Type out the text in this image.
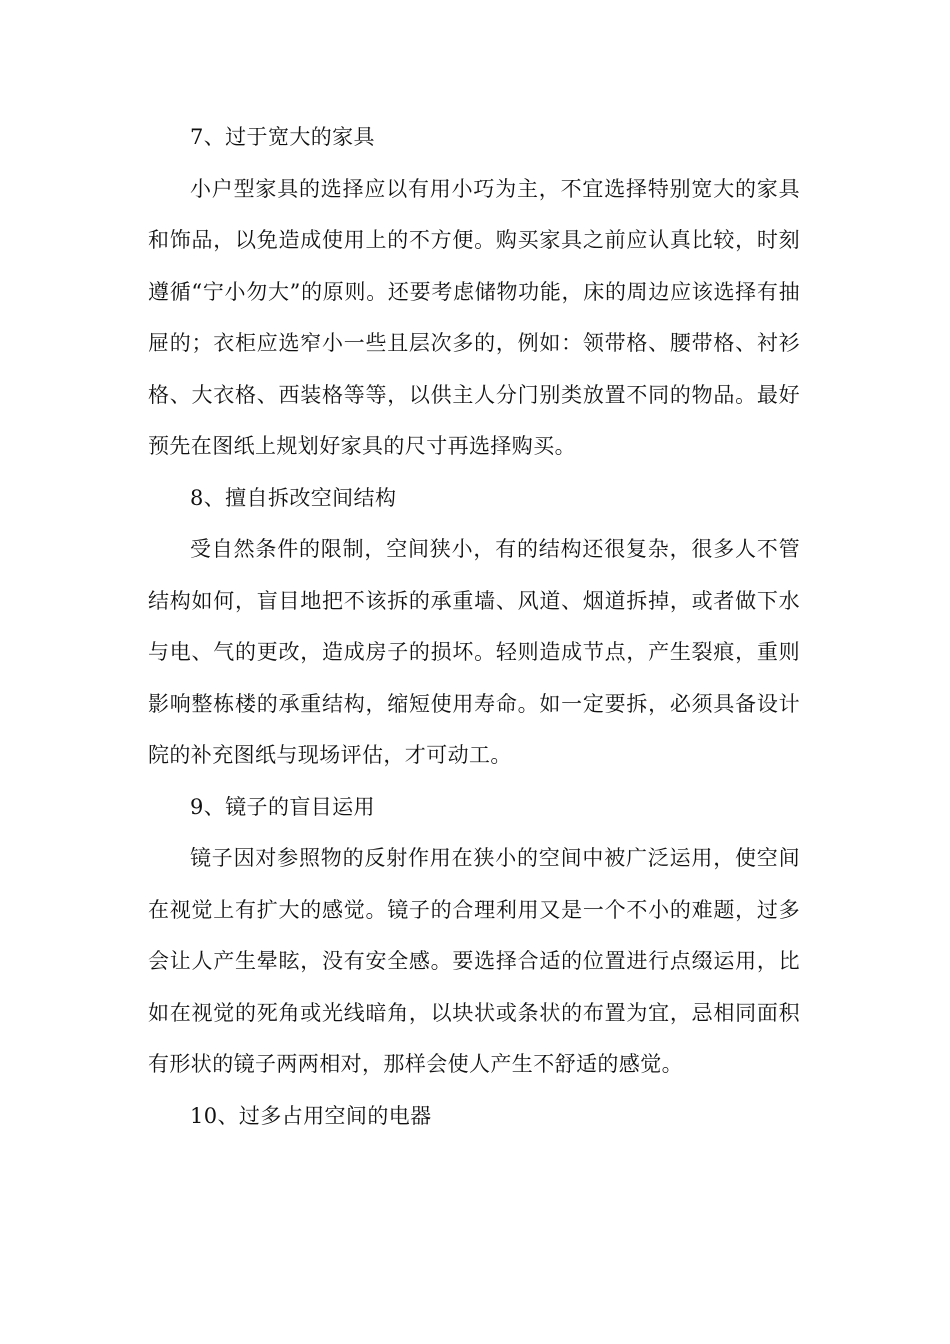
7、过于宽大的家具

小户型家具的选择应以有用小巧为主，不宜选择特别宽大的家具和饰品，以免造成使用上的不方便。购买家具之前应认真比较，时刻遵循“宁小勿大”的原则。还要考虑储物功能，床的周边应该选择有抽屉的；衣柜应选窄小一些且层次多的，例如：领带格、腰带格、衬衫格、大衣格、西装格等等，以供主人分门别类放置不同的物品。最好预先在图纸上规划好家具的尺寸再选择购买。

8、擅自拆改空间结构

受自然条件的限制，空间狭小，有的结构还很复杂，很多人不管结构如何，盲目地把不该拆的承重墙、风道、烟道拆掉，或者做下水与电、气的更改，造成房子的损坏。轻则造成节点，产生裂痕，重则影响整栋楼的承重结构，缩短使用寿命。如一定要拆，必须具备设计院的补充图纸与现场评估，才可动工。

9、镜子的盲目运用

镜子因对参照物的反射作用在狭小的空间中被广泛运用，使空间在视觉上有扩大的感觉。镜子的合理利用又是一个不小的难题，过多会让人产生晕眩，没有安全感。要选择合适的位置进行点缀运用，比如在视觉的死角或光线暗角，以块状或条状的布置为宜，忌相同面积有形状的镜子两两相对，那样会使人产生不舒适的感觉。

10、过多占用空间的电器
